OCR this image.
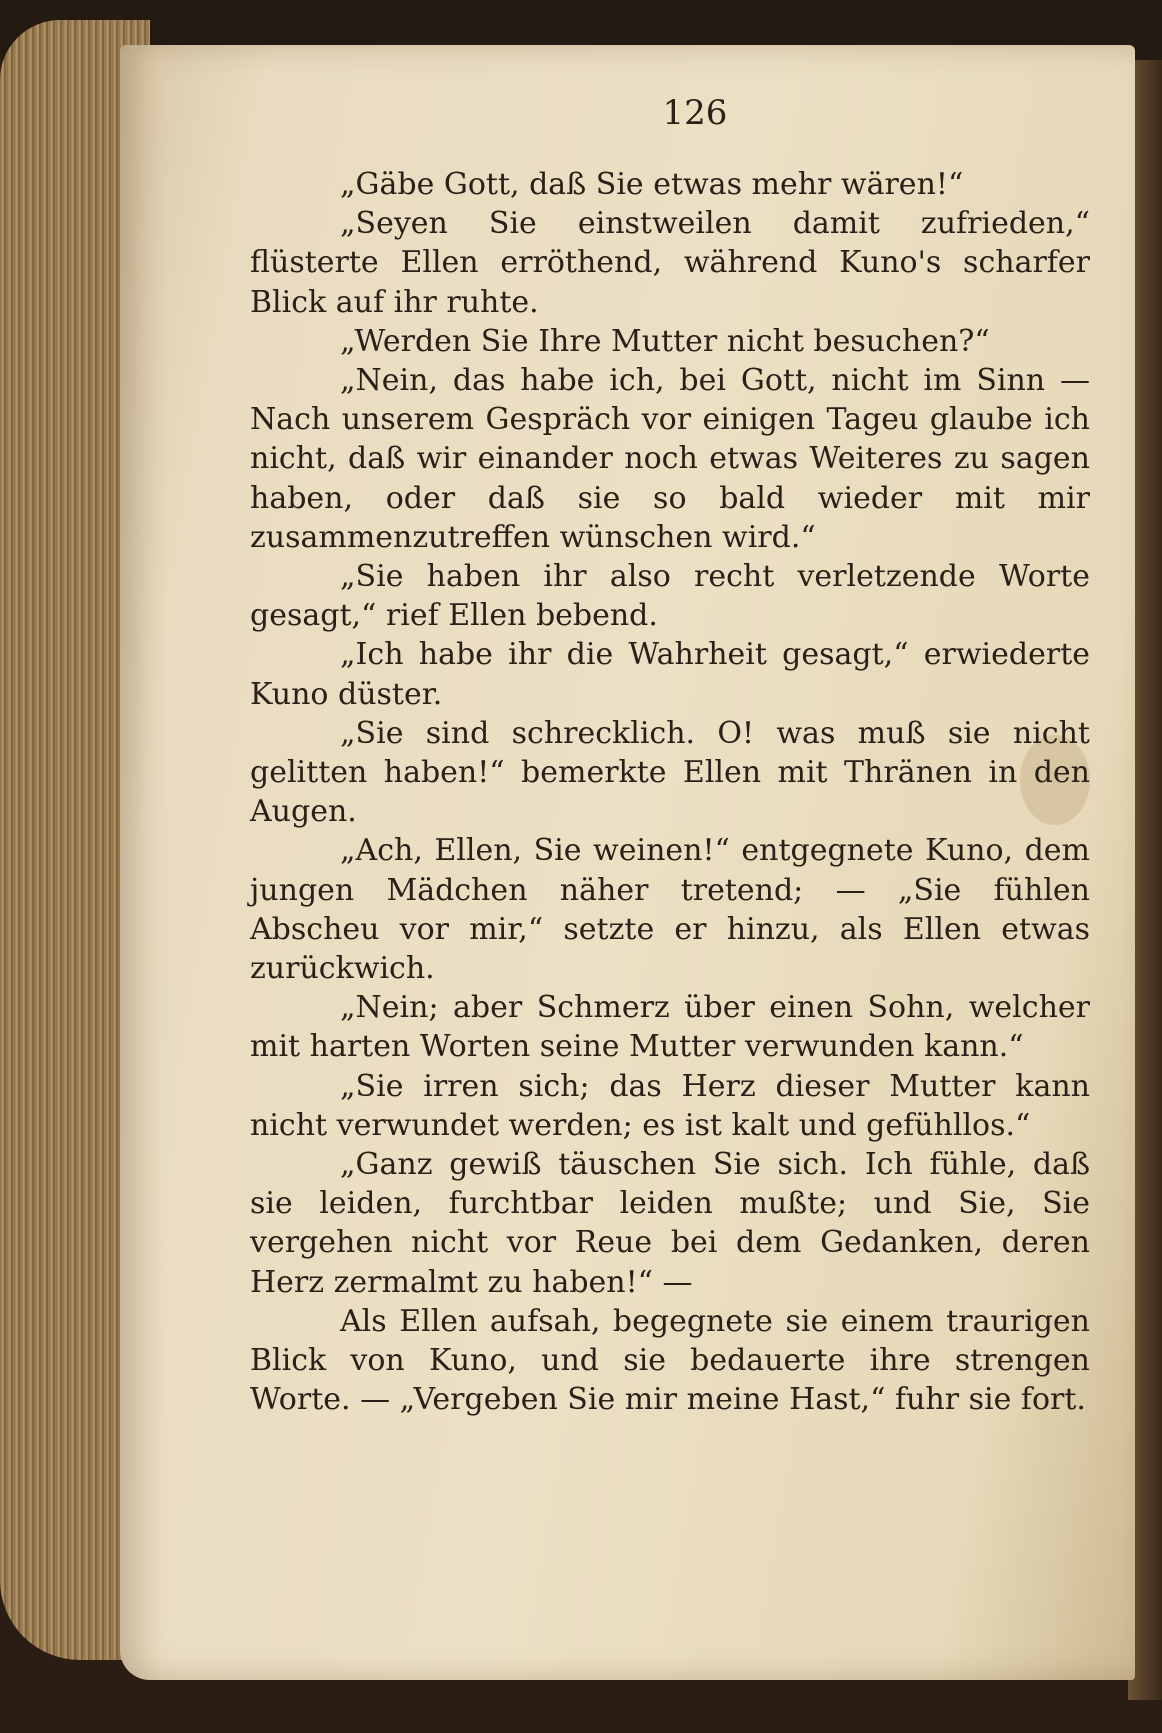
126

„Gäbe Gott, daß Sie etwas mehr wären!“

„Seyen Sie einstweilen damit zufrieden,“ flüsterte Ellen erröthend, während Kuno's scharfer Blick auf ihr ruhte.

„Werden Sie Ihre Mutter nicht besuchen?“

„Nein, das habe ich, bei Gott, nicht im Sinn — Nach unserem Gespräch vor einigen Tageu glaube ich nicht, daß wir einander noch etwas Weiteres zu sagen haben, oder daß sie so bald wieder mit mir zusammenzutreffen wünschen wird.“

„Sie haben ihr also recht verletzende Worte gesagt,“ rief Ellen bebend.

„Ich habe ihr die Wahrheit gesagt,“ erwiederte Kuno düster.

„Sie sind schrecklich. O! was muß sie nicht gelitten haben!“ bemerkte Ellen mit Thränen in den Augen.

„Ach, Ellen, Sie weinen!“ entgegnete Kuno, dem jungen Mädchen näher tretend; — „Sie fühlen Abscheu vor mir,“ setzte er hinzu, als Ellen etwas zurückwich.

„Nein; aber Schmerz über einen Sohn, welcher mit harten Worten seine Mutter verwunden kann.“

„Sie irren sich; das Herz dieser Mutter kann nicht verwundet werden; es ist kalt und gefühllos.“

„Ganz gewiß täuschen Sie sich. Ich fühle, daß sie leiden, furchtbar leiden mußte; und Sie, Sie vergehen nicht vor Reue bei dem Gedanken, deren Herz zermalmt zu haben!“ —

Als Ellen aufsah, begegnete sie einem traurigen Blick von Kuno, und sie bedauerte ihre strengen Worte. — „Vergeben Sie mir meine Hast,“ fuhr sie fort.
